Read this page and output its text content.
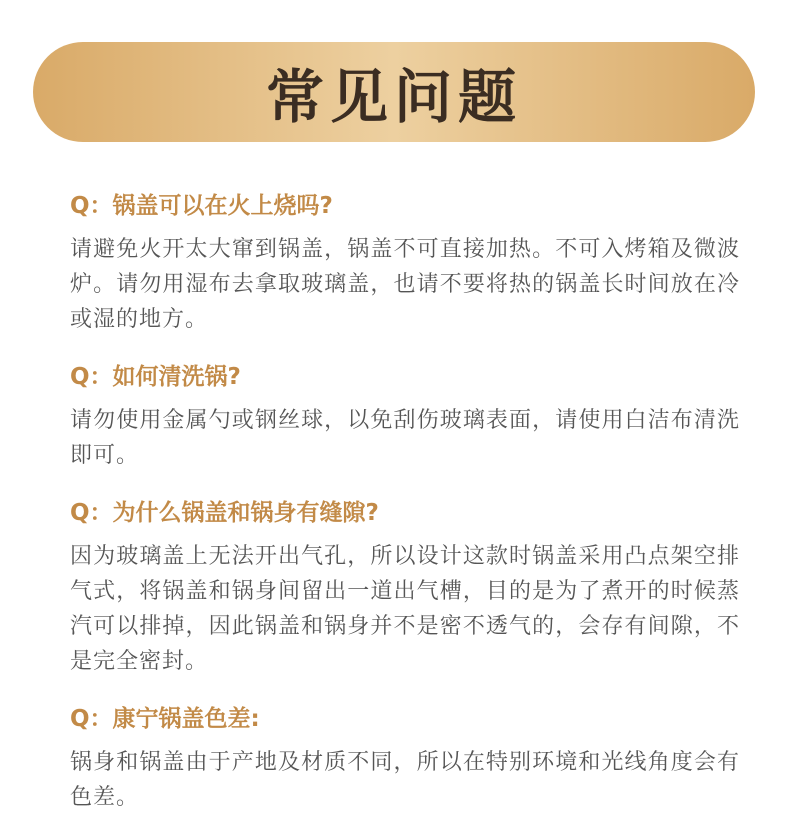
常见问题
Q：锅盖可以在火上烧吗?
请避免火开太大窜到锅盖，锅盖不可直接加热。不可入烤箱及微波炉。请勿用湿布去拿取玻璃盖，也请不要将热的锅盖长时间放在冷或湿的地方。
Q：如何清洗锅?
请勿使用金属勺或钢丝球，以免刮伤玻璃表面，请使用白洁布清洗即可。
Q：为什么锅盖和锅身有缝隙?
因为玻璃盖上无法开出气孔，所以设计这款时锅盖采用凸点架空排气式，将锅盖和锅身间留出一道出气槽，目的是为了煮开的时候蒸汽可以排掉，因此锅盖和锅身并不是密不透气的，会存有间隙，不是完全密封。
Q：康宁锅盖色差:
锅身和锅盖由于产地及材质不同，所以在特别环境和光线角度会有色差。
